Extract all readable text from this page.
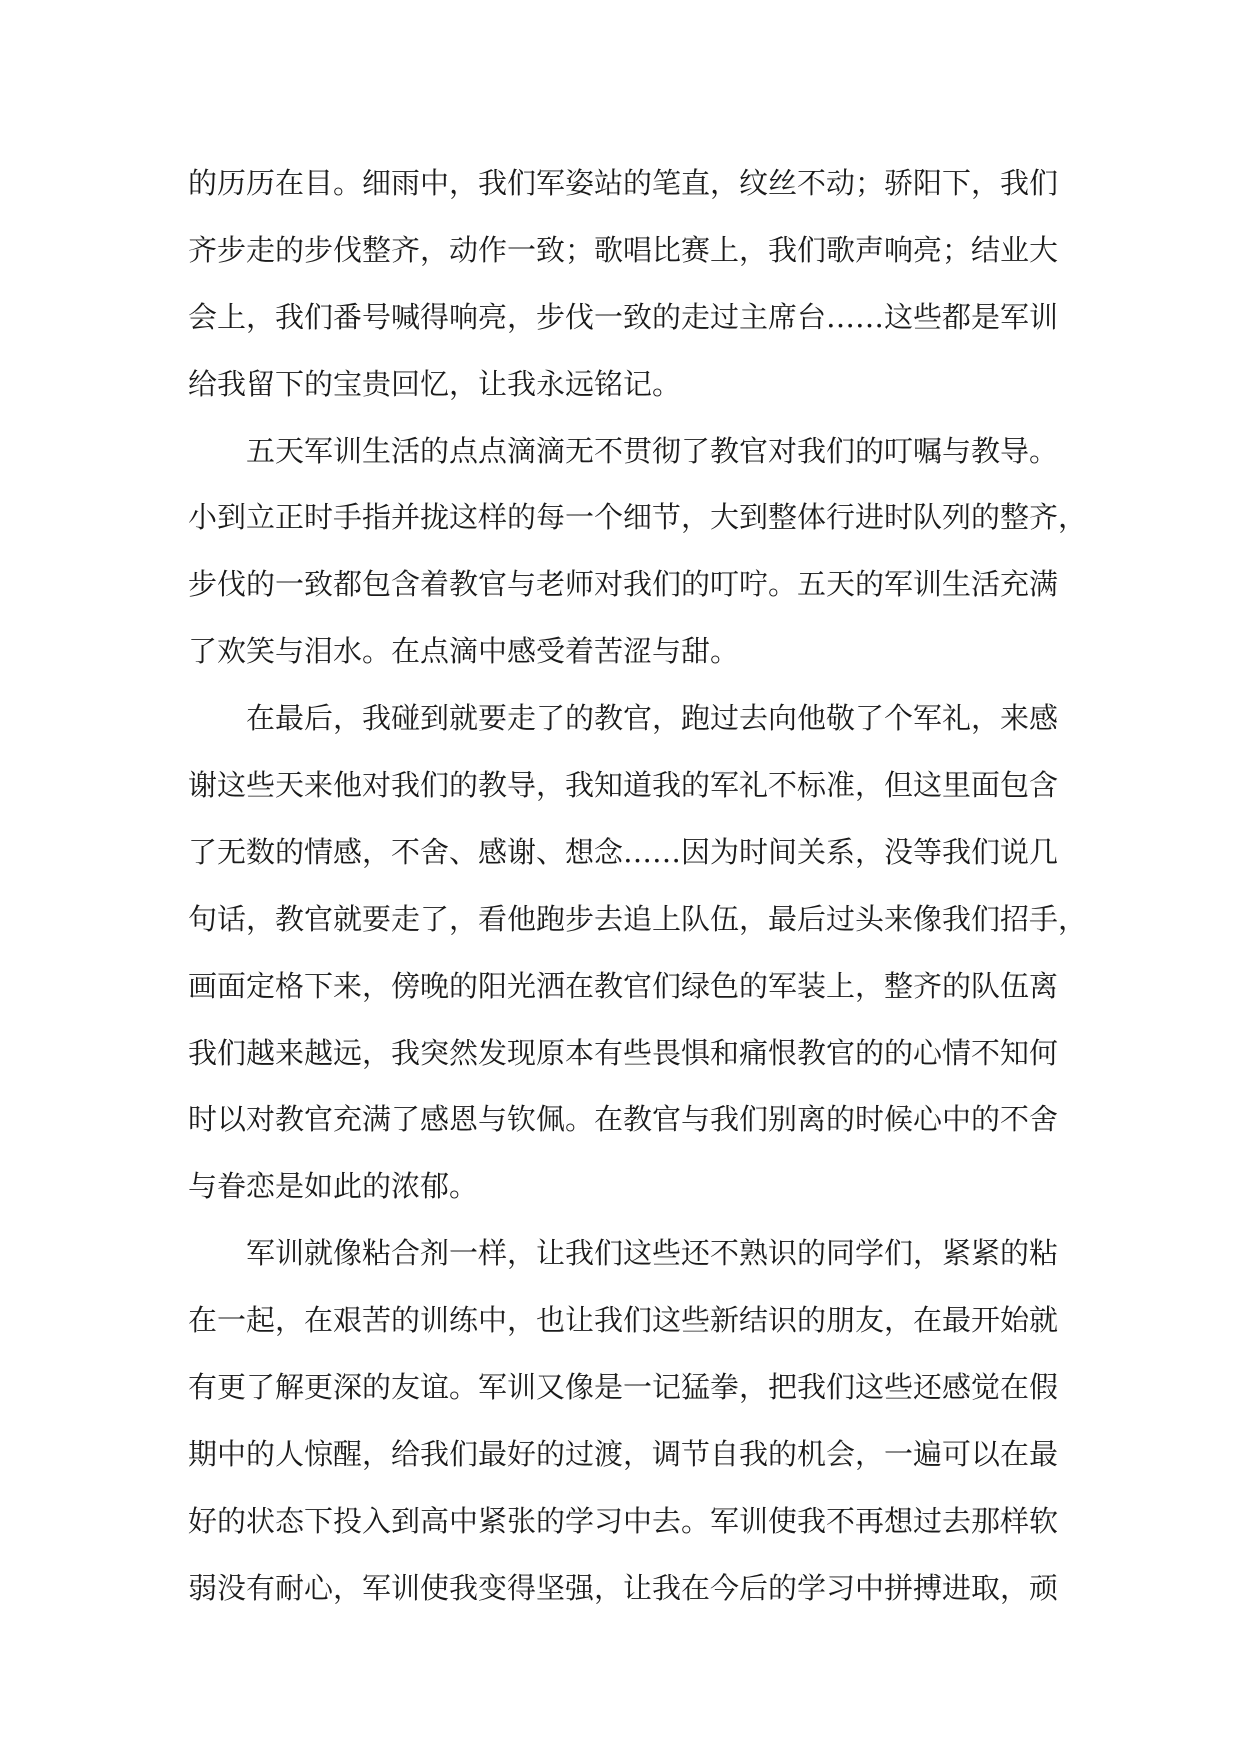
的历历在目。细雨中，我们军姿站的笔直，纹丝不动；骄阳下，我们
齐步走的步伐整齐，动作一致；歌唱比赛上，我们歌声响亮；结业大
会上，我们番号喊得响亮，步伐一致的走过主席台……这些都是军训
给我留下的宝贵回忆，让我永远铭记。
五天军训生活的点点滴滴无不贯彻了教官对我们的叮嘱与教导。
小到立正时手指并拢这样的每一个细节，大到整体行进时队列的整齐，
步伐的一致都包含着教官与老师对我们的叮咛。五天的军训生活充满
了欢笑与泪水。在点滴中感受着苦涩与甜。
在最后，我碰到就要走了的教官，跑过去向他敬了个军礼，来感
谢这些天来他对我们的教导，我知道我的军礼不标准，但这里面包含
了无数的情感，不舍、感谢、想念……因为时间关系，没等我们说几
句话，教官就要走了，看他跑步去追上队伍，最后过头来像我们招手，
画面定格下来，傍晚的阳光洒在教官们绿色的军装上，整齐的队伍离
我们越来越远，我突然发现原本有些畏惧和痛恨教官的的心情不知何
时以对教官充满了感恩与钦佩。在教官与我们别离的时候心中的不舍
与眷恋是如此的浓郁。
军训就像粘合剂一样，让我们这些还不熟识的同学们，紧紧的粘
在一起，在艰苦的训练中，也让我们这些新结识的朋友，在最开始就
有更了解更深的友谊。军训又像是一记猛拳，把我们这些还感觉在假
期中的人惊醒，给我们最好的过渡，调节自我的机会，一遍可以在最
好的状态下投入到高中紧张的学习中去。军训使我不再想过去那样软
弱没有耐心，军训使我变得坚强，让我在今后的学习中拼搏进取，顽
